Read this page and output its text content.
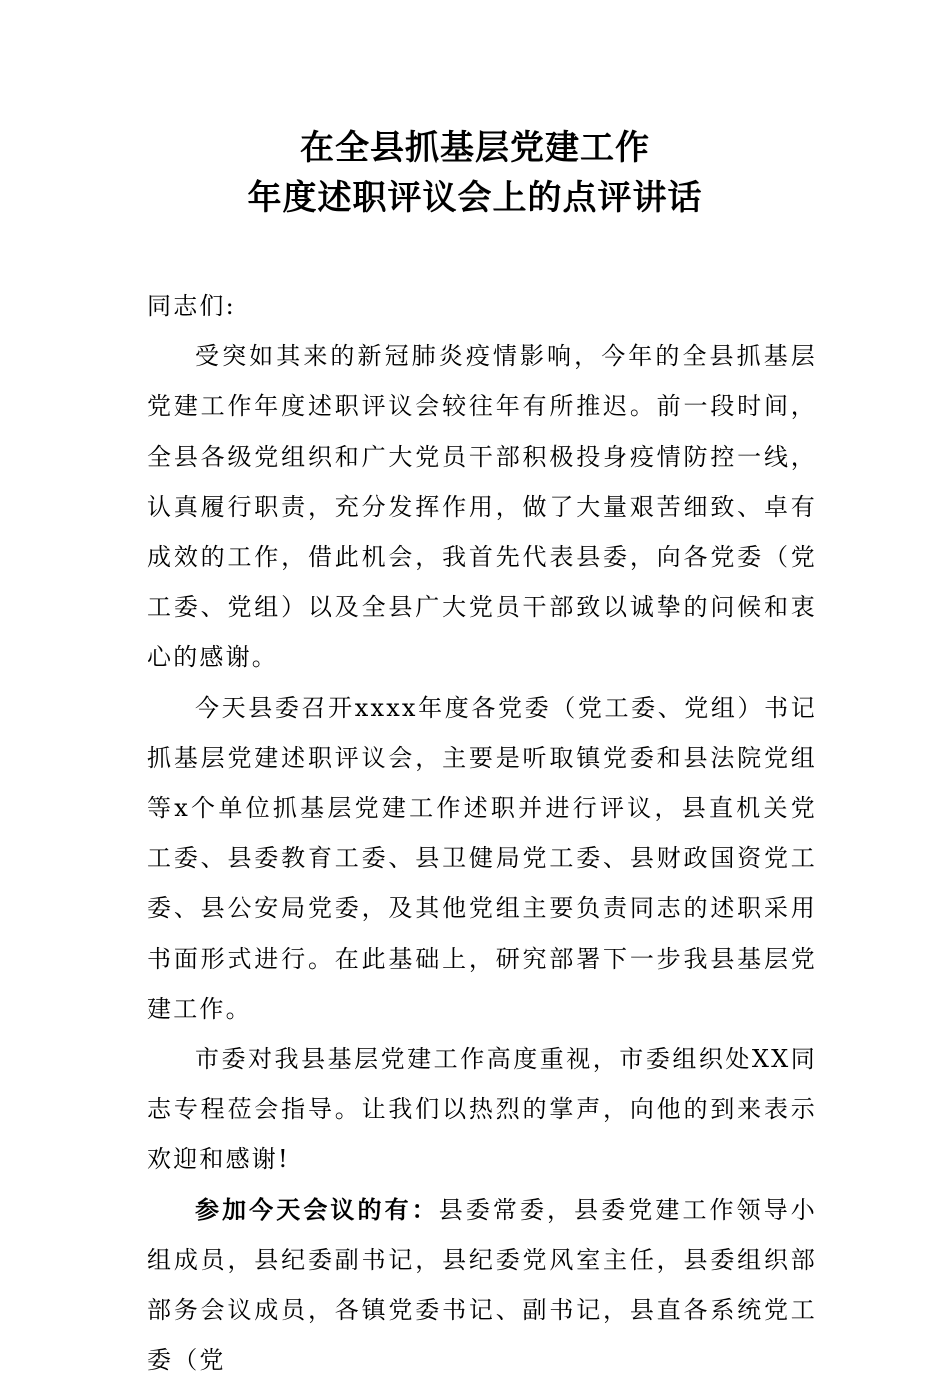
在全县抓基层党建工作
年度述职评议会上的点评讲话

同志们:

受突如其来的新冠肺炎疫情影响，今年的全县抓基层党建工作年度述职评议会较往年有所推迟。前一段时间，全县各级党组织和广大党员干部积极投身疫情防控一线，认真履行职责，充分发挥作用，做了大量艰苦细致、卓有成效的工作，借此机会，我首先代表县委，向各党委（党工委、党组）以及全县广大党员干部致以诚挚的问候和衷心的感谢。

今天县委召开xxxx年度各党委（党工委、党组）书记抓基层党建述职评议会，主要是听取镇党委和县法院党组等x个单位抓基层党建工作述职并进行评议，县直机关党工委、县委教育工委、县卫健局党工委、县财政国资党工委、县公安局党委，及其他党组主要负责同志的述职采用书面形式进行。在此基础上，研究部署下一步我县基层党建工作。

市委对我县基层党建工作高度重视，市委组织处XX同志专程莅会指导。让我们以热烈的掌声，向他的到来表示欢迎和感谢!

参加今天会议的有：县委常委，县委党建工作领导小组成员，县纪委副书记，县纪委党风室主任，县委组织部部务会议成员，各镇党委书记、副书记，县直各系统党工委（党
